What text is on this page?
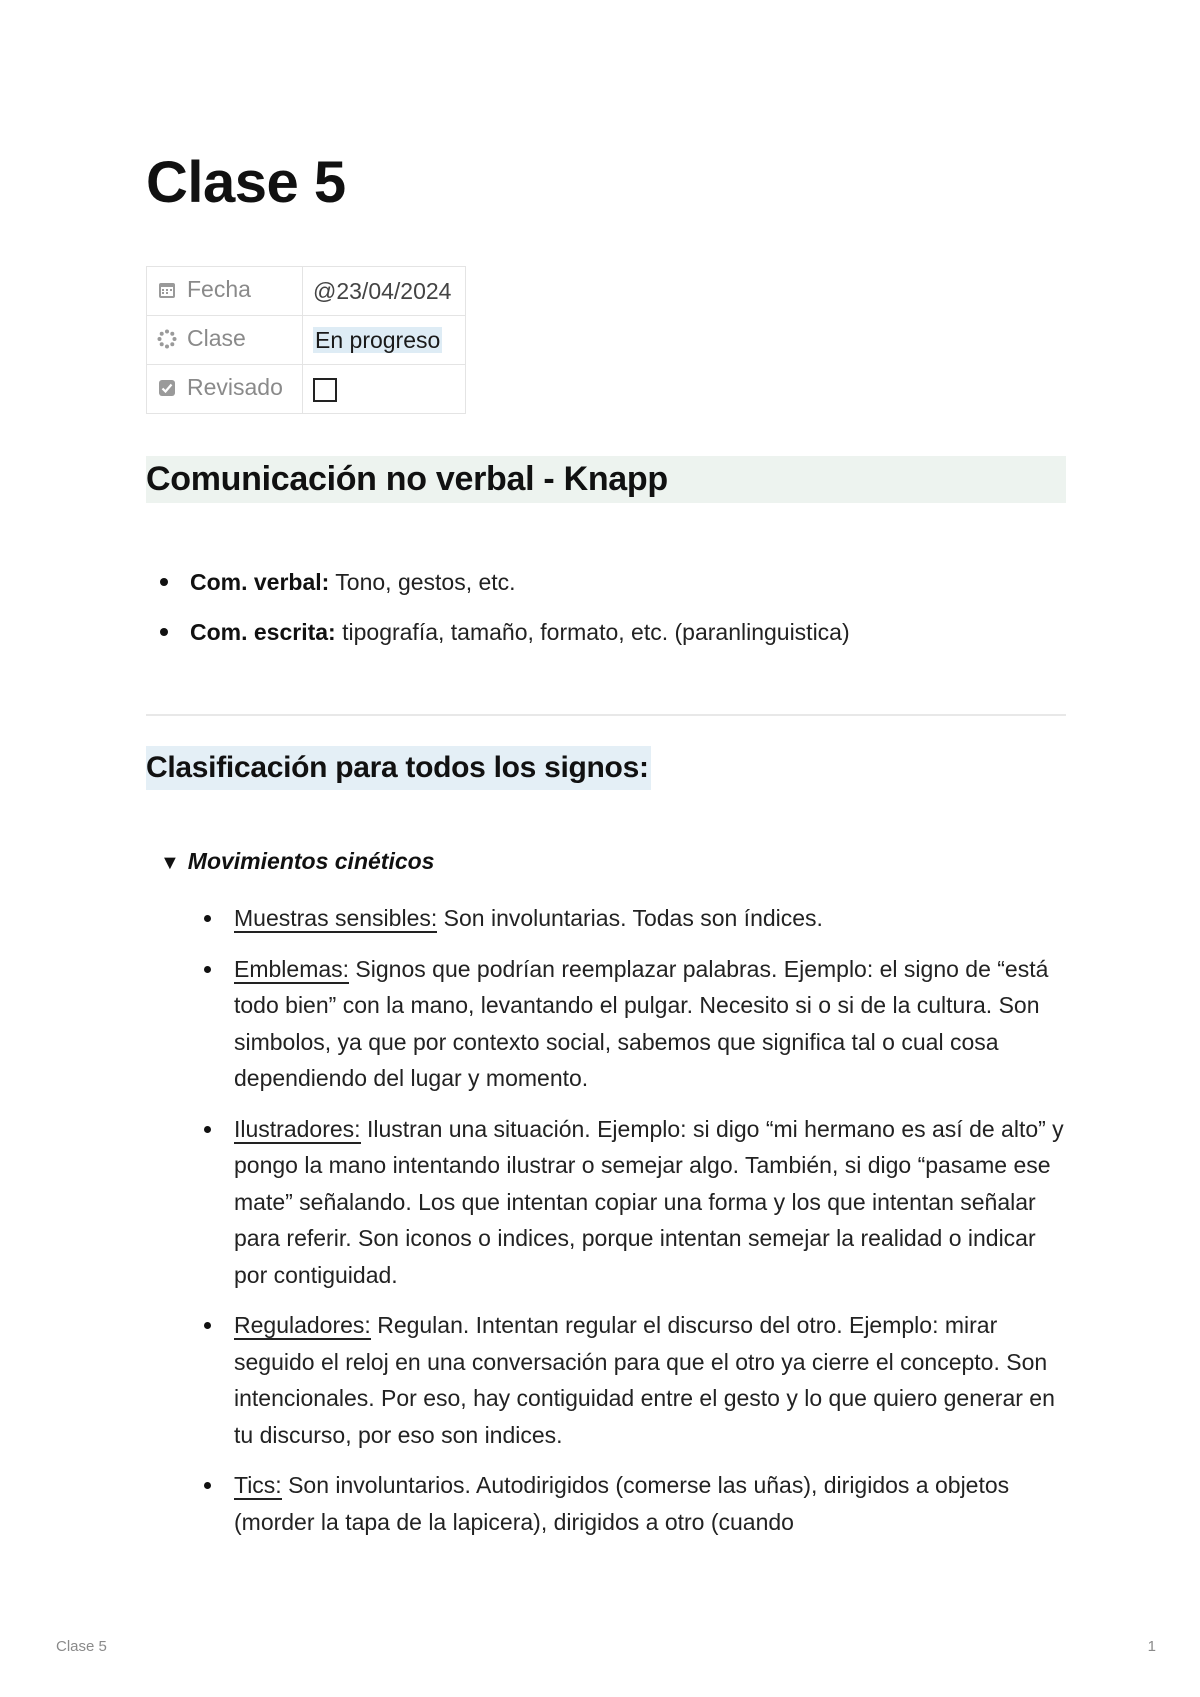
Clase 5
Fecha	@23/04/2024
Clase	En progreso
Revisado	
Comunicación no verbal - Knapp
Com. verbal: Tono, gestos, etc.
Com. escrita: tipografía, tamaño, formato, etc. (paranlinguistica)
Clasificación para todos los signos:
▼ Movimientos cinéticos
Muestras sensibles: Son involuntarias. Todas son índices.
Emblemas: Signos que podrían reemplazar palabras. Ejemplo: el signo de “está todo bien” con la mano, levantando el pulgar. Necesito si o si de la cultura. Son simbolos, ya que por contexto social, sabemos que significa tal o cual cosa dependiendo del lugar y momento.
Ilustradores: Ilustran una situación. Ejemplo: si digo “mi hermano es así de alto” y pongo la mano intentando ilustrar o semejar algo. También, si digo “pasame ese mate” señalando. Los que intentan copiar una forma y los que intentan señalar para referir. Son iconos o indices, porque intentan semejar la realidad o indicar por contiguidad.
Reguladores: Regulan. Intentan regular el discurso del otro. Ejemplo: mirar seguido el reloj en una conversación para que el otro ya cierre el concepto. Son intencionales. Por eso, hay contiguidad entre el gesto y lo que quiero generar en tu discurso, por eso son indices.
Tics: Son involuntarios. Autodirigidos (comerse las uñas), dirigidos a objetos (morder la tapa de la lapicera), dirigidos a otro (cuando
Clase 5	1
